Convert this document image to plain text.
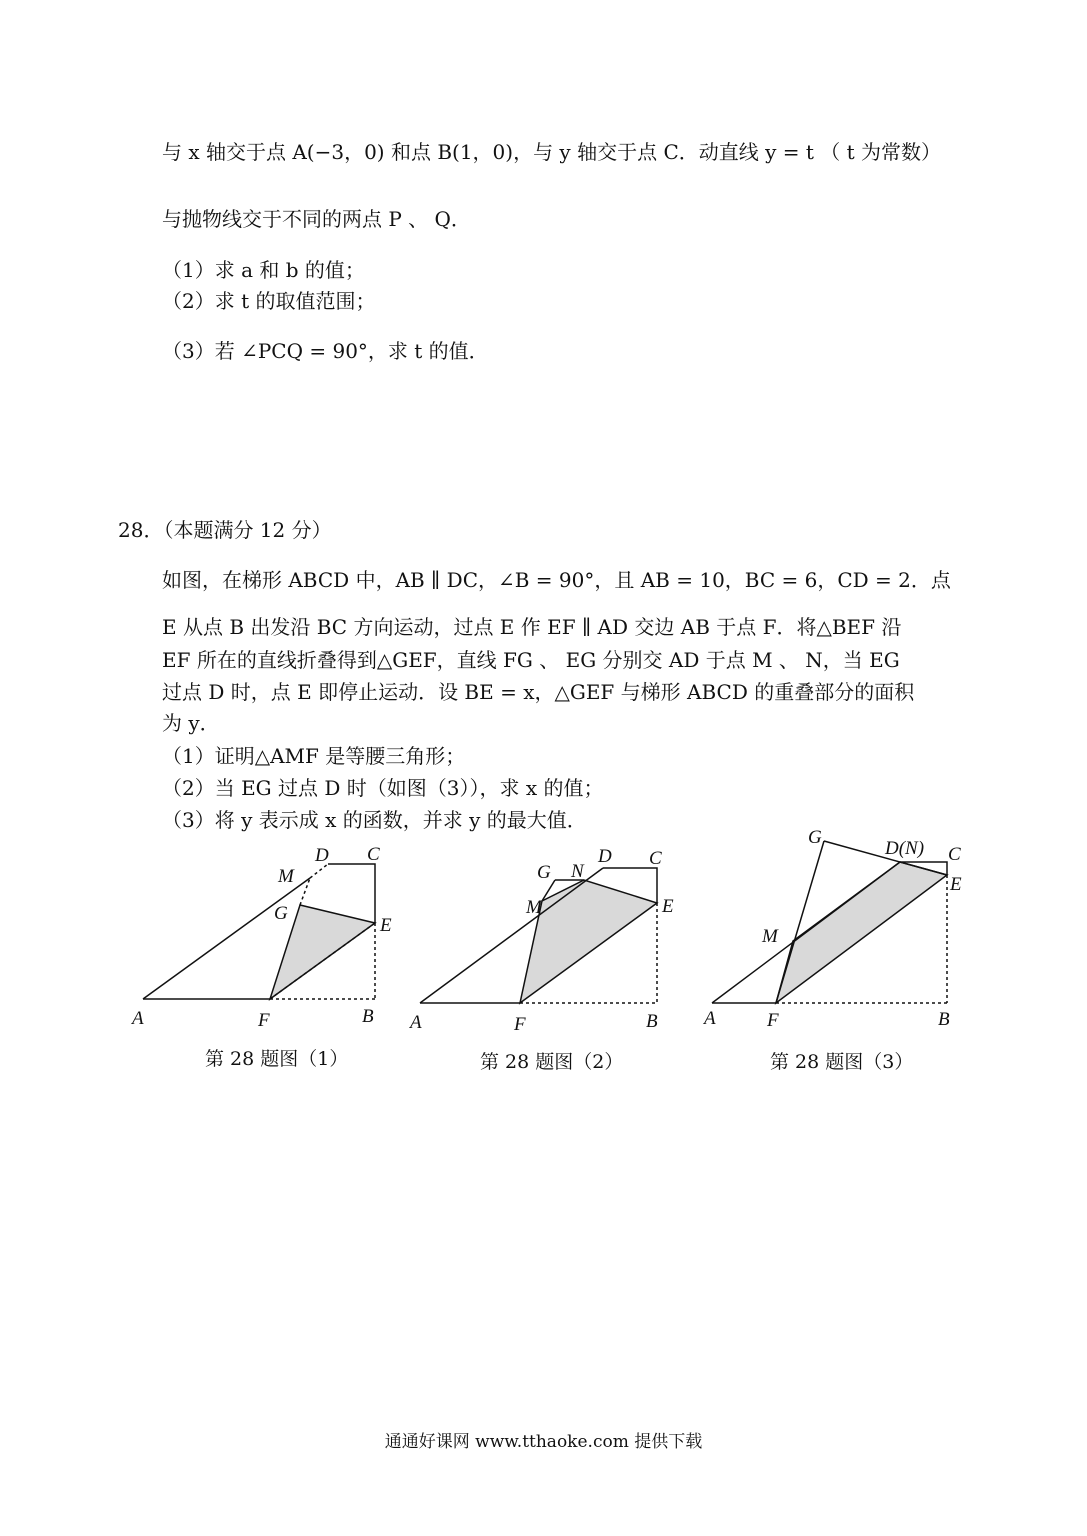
与 x 轴交于点 A(−3，0) 和点 B(1，0)，与 y 轴交于点 C．动直线 y = t （ t 为常数）
与抛物线交于不同的两点 P 、 Q．
（1）求 a 和 b 的值；
（2）求 t 的取值范围；
（3）若 ∠PCQ = 90°，求 t 的值．
28．（本题满分 12 分）
如图，在梯形 ABCD 中，AB ∥ DC，∠B = 90°，且 AB = 10，BC = 6，CD = 2．点
E 从点 B 出发沿 BC 方向运动，过点 E 作 EF ∥ AD 交边 AB 于点 F．将△BEF 沿
EF 所在的直线折叠得到△GEF，直线 FG 、 EG 分别交 AD 于点 M 、 N，当 EG
过点 D 时，点 E 即停止运动．设 BE = x，△GEF 与梯形 ABCD 的重叠部分的面积
为 y．
（1）证明△AMF 是等腰三角形；
（2）当 EG 过点 D 时（如图（3）），求 x 的值；
（3）将 y 表示成 x 的函数，并求 y 的最大值．
A	F	B
C
D
M
G
E
A	F	B
C
D
G N
M	E
A	F	B
C
D(N)
G
M
E
第 28 题图（1）	第 28 题图（2）	第 28 题图（3）
通通好课网 www.tthaoke.com 提供下载
